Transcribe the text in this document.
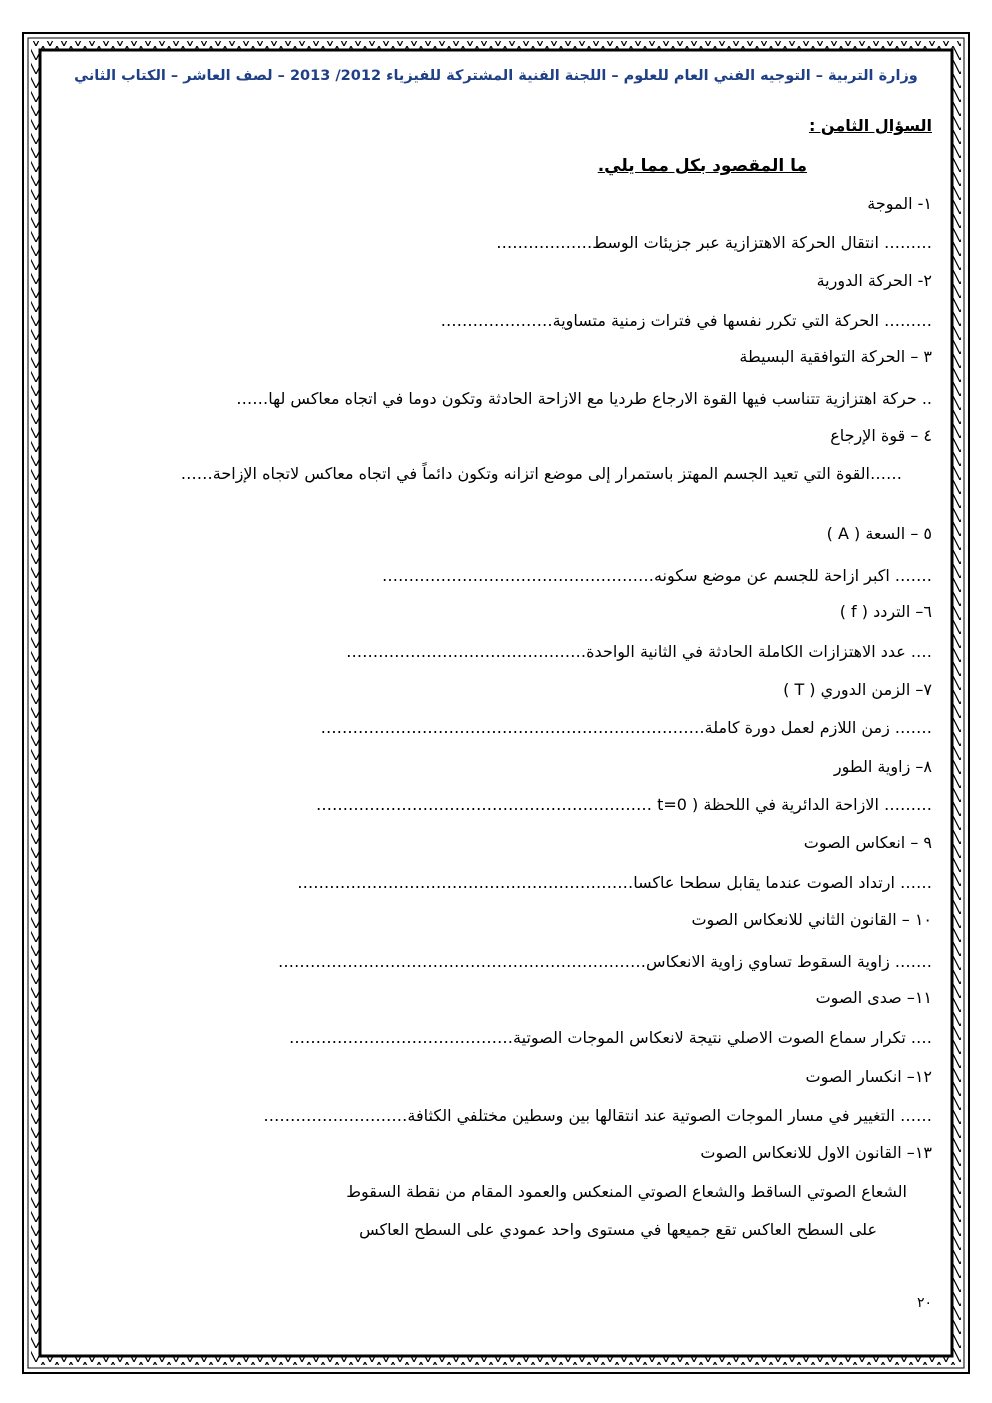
وزارة التربية – التوجيه الفني العام للعلوم – اللجنة الفنية المشتركة للفيزياء 2012/ 2013 – لصف العاشر – الكتاب الثاني
السؤال الثامن :
ما المقصود بكل مما يلي.
١- الموجة
……… انتقال الحركة الاهتزازية عبر جزيئات الوسط………………
٢- الحركة الدورية
……… الحركة التي تكرر نفسها في فترات زمنية متساوية…………………
٣ – الحركة التوافقية البسيطة
.. حركة اهتزازية تتناسب فيها القوة الارجاع طرديا مع الازاحة الحادثة وتكون دوما في اتجاه معاكس لها……
٤ – قوة الإرجاع
……القوة التي تعيد الجسم المهتز باستمرار إلى موضع اتزانه وتكون دائماً في اتجاه معاكس لاتجاه الإزاحة……
٥ – السعة ( A )
……. اكبر ازاحة للجسم عن موضع سكونه……………………………………………
٦– التردد ( f )
…. عدد الاهتزازات الكاملة الحادثة في الثانية الواحدة………………………………………
٧– الزمن الدوري ( T )
……. زمن اللازم لعمل دورة كاملة………………………………………………………………
٨– زاوية الطور
……… الازاحة الدائرية في اللحظة ( t=0 ………………………………………………………
٩ – انعكاس الصوت
…… ارتداد الصوت عندما يقابل سطحا عاكسا………………………………………………………
١٠ – القانون الثاني للانعكاس الصوت
……. زاوية السقوط تساوي زاوية الانعكاس……………………………………………………………
١١– صدى الصوت
…. تكرار سماع الصوت الاصلي نتيجة لانعكاس الموجات الصوتية……………………………………
١٢– انكسار الصوت
…… التغيير في مسار الموجات الصوتية عند انتقالها بين وسطين مختلفي الكثافة………………………
١٣– القانون الاول للانعكاس الصوت
الشعاع الصوتي الساقط والشعاع الصوتي المنعكس والعمود المقام من نقطة السقوط
على السطح العاكس تقع جميعها في مستوى واحد عمودي على السطح العاكس
٢٠
